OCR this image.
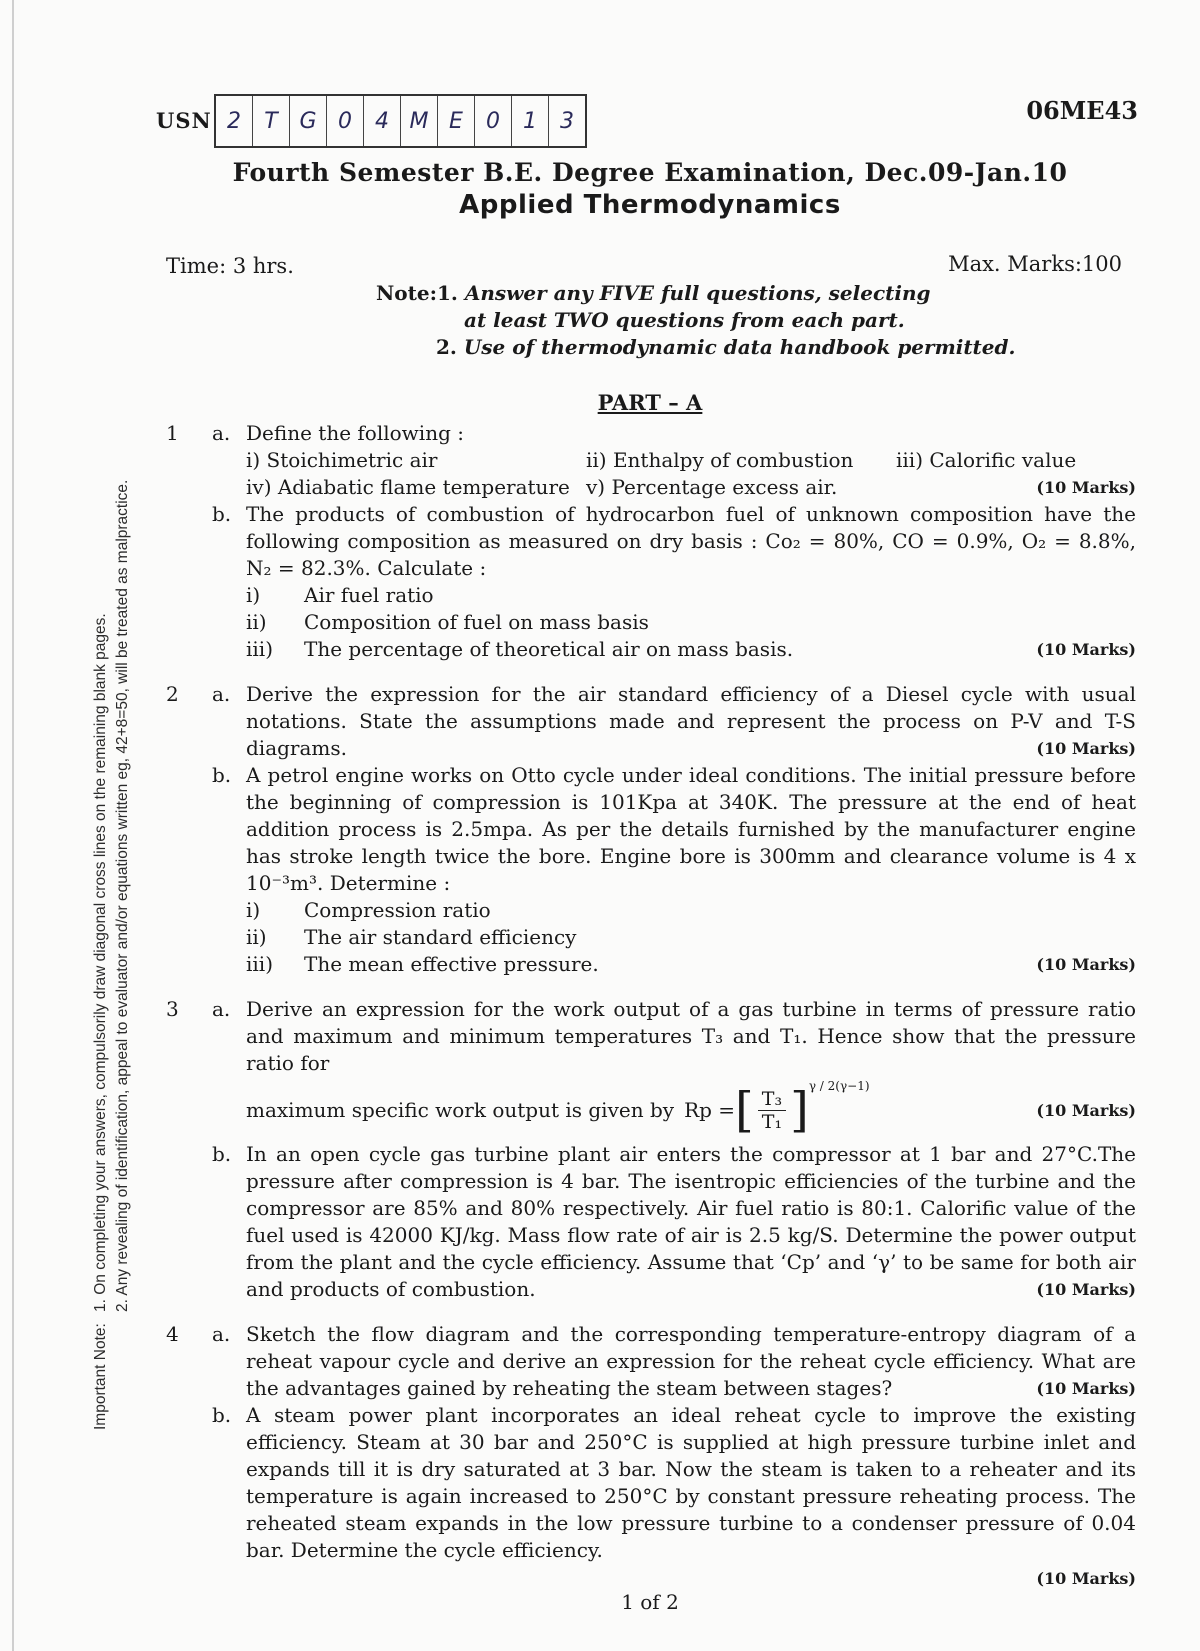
USN 2	T G 0	4 M E	0	1	3	06ME43
Fourth Semester B.E. Degree Examination, Dec.09-Jan.10
Applied Thermodynamics
Time: 3 hrs.	Max. Marks:100
Note:1. Answer any FIVE full questions, selecting
at least TWO questions from each part.
2. Use of thermodynamic data handbook permitted.
PART – A
Important Note:1. On completing your answers, compulsorily draw diagonal cross lines on the remaining blank pages. 2. Any revealing of identification, appeal to evaluator and/or equations written eg, 42+8=50, will be treated as malpractice.
1	a. Define the following :
i) Stoichimetric air	ii) Enthalpy of combustion	iii) Calorific value
iv) Adiabatic flame temperature v) Percentage excess air.	(10 Marks)
b. The products of combustion of hydrocarbon fuel of unknown composition have the following composition as measured on dry basis : Co₂ = 80%, CO = 0.9%, O₂ = 8.8%, N₂ = 82.3%. Calculate :
i)	Air fuel ratio
ii)	Composition of fuel on mass basis
iii)	The percentage of theoretical air on mass basis.	(10 Marks)
2	a. Derive the expression for the air standard efficiency of a Diesel cycle with usual notations. State the assumptions made and represent the process on P-V and T-S diagrams.	(10 Marks)
b. A petrol engine works on Otto cycle under ideal conditions. The initial pressure before the beginning of compression is 101Kpa at 340K. The pressure at the end of heat addition process is 2.5mpa. As per the details furnished by the manufacturer engine has stroke length twice the bore. Engine bore is 300mm and clearance volume is 4 x 10⁻³m³. Determine :
i)	Compression ratio
ii)	The air standard efficiency
iii)	The mean effective pressure.	(10 Marks)
3	a. Derive an expression for the work output of a gas turbine in terms of pressure ratio and maximum and minimum temperatures T₃ and T₁. Hence show that the pressure ratio for
maximum specific work output is given by Rp = [ $\frac{\text{T₃}}{\text{T₁}}$ ] γ / 2(γ−1)
(10 Marks)
b. In an open cycle gas turbine plant air enters the compressor at 1 bar and 27°C.The pressure after compression is 4 bar. The isentropic efficiencies of the turbine and the compressor are 85% and 80% respectively. Air fuel ratio is 80:1. Calorific value of the fuel used is 42000 KJ/kg. Mass flow rate of air is 2.5 kg/S. Determine the power output from the plant and the cycle efficiency. Assume that ‘Cp’ and ‘γ’ to be same for both air and products of combustion.	(10 Marks)
4	a. Sketch the flow diagram and the corresponding temperature-entropy diagram of a reheat vapour cycle and derive an expression for the reheat cycle efficiency. What are the advantages gained by reheating the steam between stages?	(10 Marks)
b. A steam power plant incorporates an ideal reheat cycle to improve the existing efficiency. Steam at 30 bar and 250°C is supplied at high pressure turbine inlet and expands till it is dry saturated at 3 bar. Now the steam is taken to a reheater and its temperature is again increased to 250°C by constant pressure reheating process. The reheated steam expands in the low pressure turbine to a condenser pressure of 0.04 bar. Determine the cycle efficiency.
(10 Marks)
1 of 2
